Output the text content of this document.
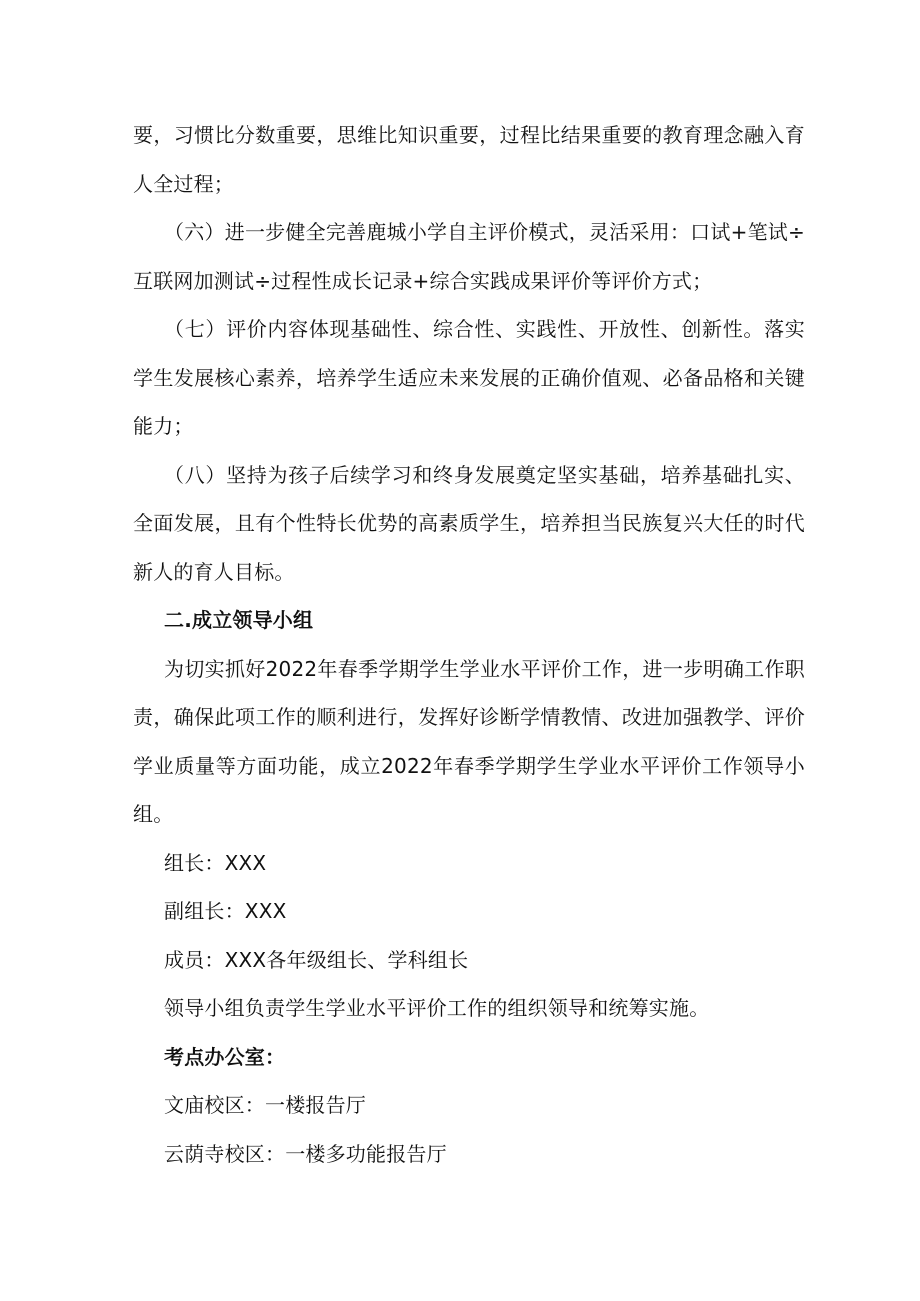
要，习惯比分数重要，思维比知识重要，过程比结果重要的教育理念融入育人全过程；

（六）进一步健全完善鹿城小学自主评价模式，灵活采用：口试+笔试÷互联网加测试÷过程性成长记录+综合实践成果评价等评价方式；

（七）评价内容体现基础性、综合性、实践性、开放性、创新性。落实学生发展核心素养，培养学生适应未来发展的正确价值观、必备品格和关键能力；

（八）坚持为孩子后续学习和终身发展奠定坚实基础，培养基础扎实、全面发展，且有个性特长优势的高素质学生，培养担当民族复兴大任的时代新人的育人目标。

二.成立领导小组

为切实抓好2022年春季学期学生学业水平评价工作，进一步明确工作职责，确保此项工作的顺利进行，发挥好诊断学情教情、改进加强教学、评价学业质量等方面功能，成立2022年春季学期学生学业水平评价工作领导小组。

组长：XXX

副组长：XXX

成员：XXX各年级组长、学科组长

领导小组负责学生学业水平评价工作的组织领导和统筹实施。

考点办公室：

文庙校区：一楼报告厅

云荫寺校区：一楼多功能报告厅
